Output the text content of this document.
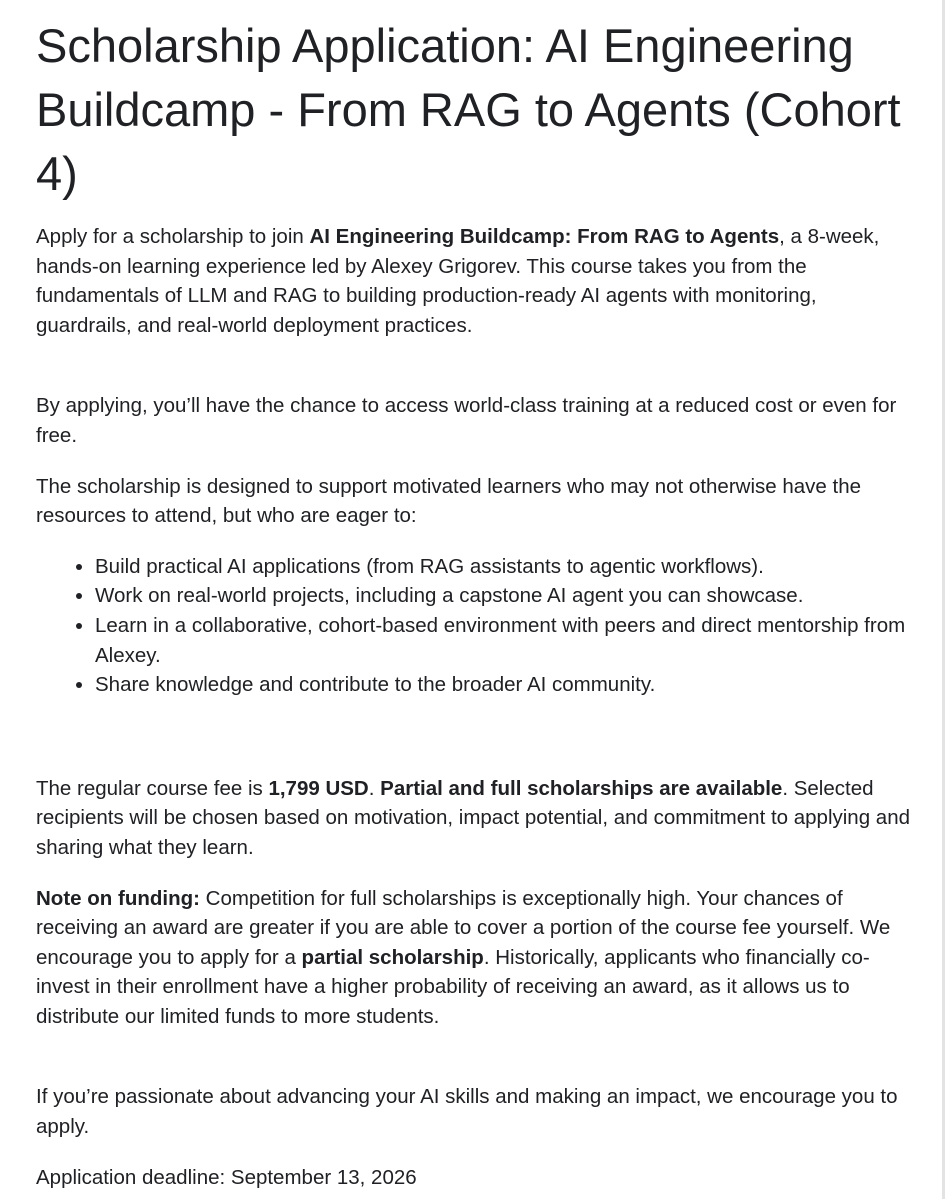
Scholarship Application: AI Engineering Buildcamp - From RAG to Agents (Cohort 4)

Apply for a scholarship to join AI Engineering Buildcamp: From RAG to Agents, a 8-week, hands-on learning experience led by Alexey Grigorev. This course takes you from the fundamentals of LLM and RAG to building production-ready AI agents with monitoring, guardrails, and real-world deployment practices.

By applying, you’ll have the chance to access world-class training at a reduced cost or even for free.

The scholarship is designed to support motivated learners who may not otherwise have the resources to attend, but who are eager to:

• Build practical AI applications (from RAG assistants to agentic workflows).
• Work on real-world projects, including a capstone AI agent you can showcase.
• Learn in a collaborative, cohort-based environment with peers and direct mentorship from Alexey.
• Share knowledge and contribute to the broader AI community.

The regular course fee is 1,799 USD. Partial and full scholarships are available. Selected recipients will be chosen based on motivation, impact potential, and commitment to applying and sharing what they learn.

Note on funding: Competition for full scholarships is exceptionally high. Your chances of receiving an award are greater if you are able to cover a portion of the course fee yourself. We encourage you to apply for a partial scholarship. Historically, applicants who financially co-invest in their enrollment have a higher probability of receiving an award, as it allows us to distribute our limited funds to more students.

If you’re passionate about advancing your AI skills and making an impact, we encourage you to apply.

Application deadline: September 13, 2026
